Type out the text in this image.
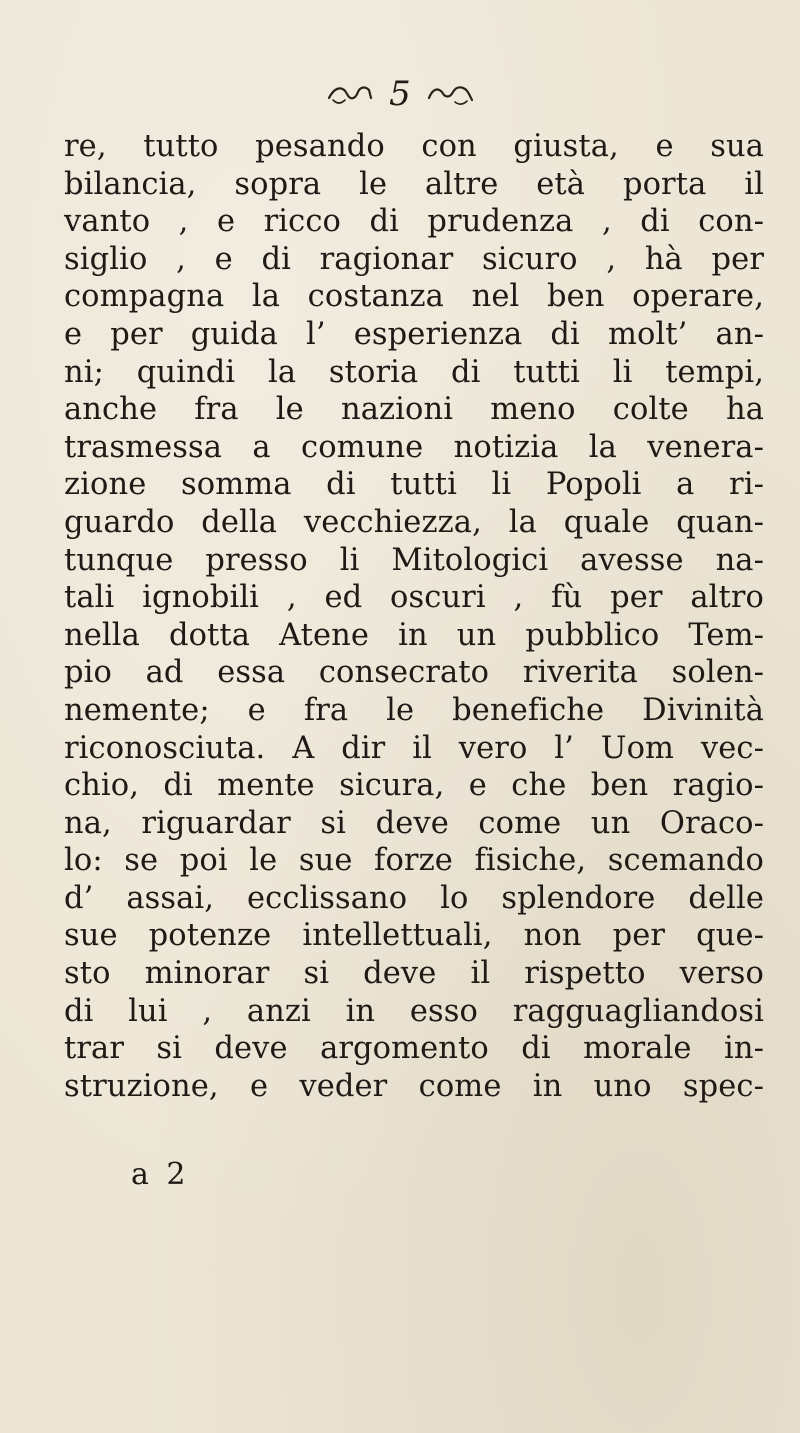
5
re, tutto pesando con giusta, e sua
bilancia, sopra le altre età porta il
vanto , e ricco di prudenza , di con-
siglio , e di ragionar sicuro , hà per
compagna la costanza nel ben operare,
e per guida l’ esperienza di molt’ an-
ni; quindi la storia di tutti li tempi,
anche fra le nazioni meno colte ha
trasmessa a comune notizia la venera-
zione somma di tutti li Popoli a ri-
guardo della vecchiezza, la quale quan-
tunque presso li Mitologici avesse na-
tali ignobili , ed oscuri , fù per altro
nella dotta Atene in un pubblico Tem-
pio ad essa consecrato riverita solen-
nemente; e fra le benefiche Divinità
riconosciuta. A dir il vero l’ Uom vec-
chio, di mente sicura, e che ben ragio-
na, riguardar si deve come un Oraco-
lo: se poi le sue forze fisiche, scemando
d’ assai, ecclissano lo splendore delle
sue potenze intellettuali, non per que-
sto minorar si deve il rispetto verso
di lui , anzi in esso ragguagliandosi
trar si deve argomento di morale in-
struzione, e veder come in uno spec-
a 2
